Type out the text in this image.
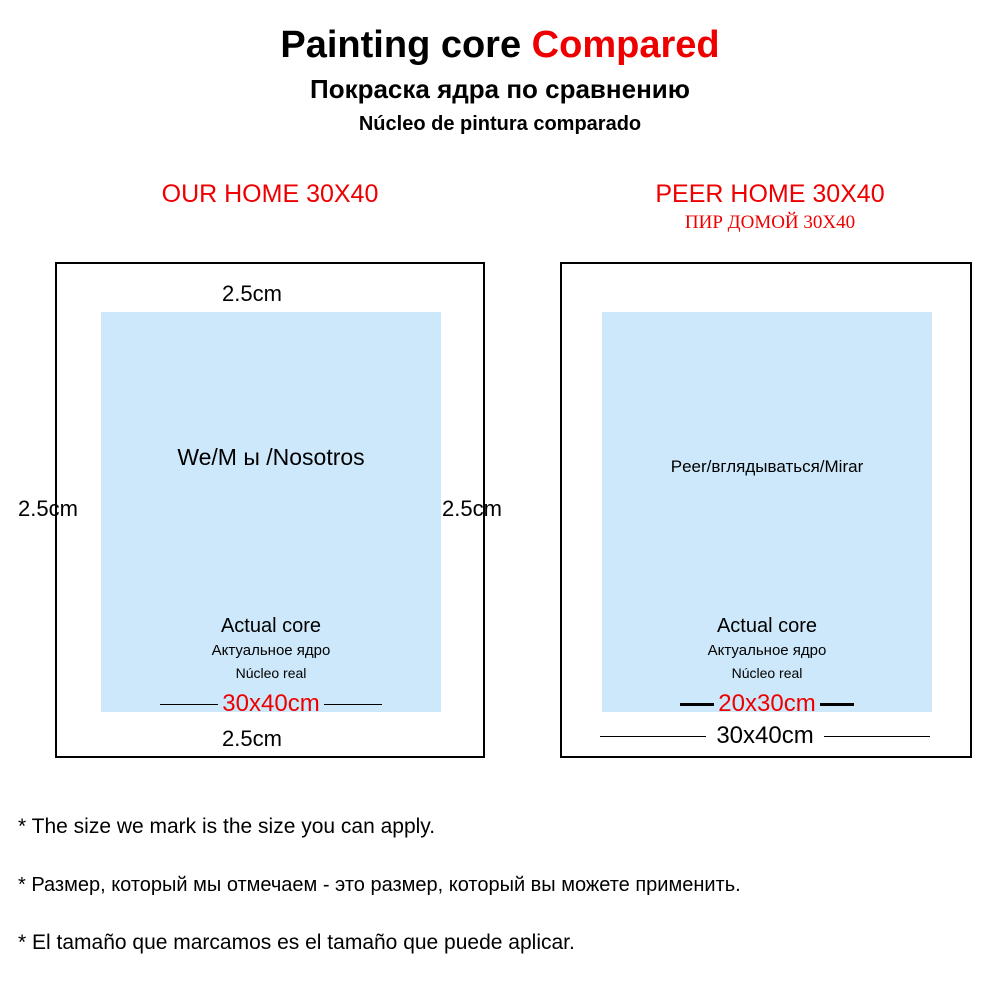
Painting core Compared
Покраска ядра по сравнению
Núcleo de pintura comparado
OUR HOME 30X40	PEER HOME 30X40
ПИР ДОМОЙ 30X40
We/М ы /Nosotros
Actual core
Актуальное ядро
Núcleo real
30x40cm
2.5cm
2.5cm	2.5cm
2.5cm
Peer/вглядываться/Mirar
Actual core
Актуальное ядро
Núcleo real
20x30cm
30x40cm
* The size we mark is the size you can apply.
* Размер, который мы отмечаем - это размер, который вы можете применить.
* El tamaño que marcamos es el tamaño que puede aplicar.
